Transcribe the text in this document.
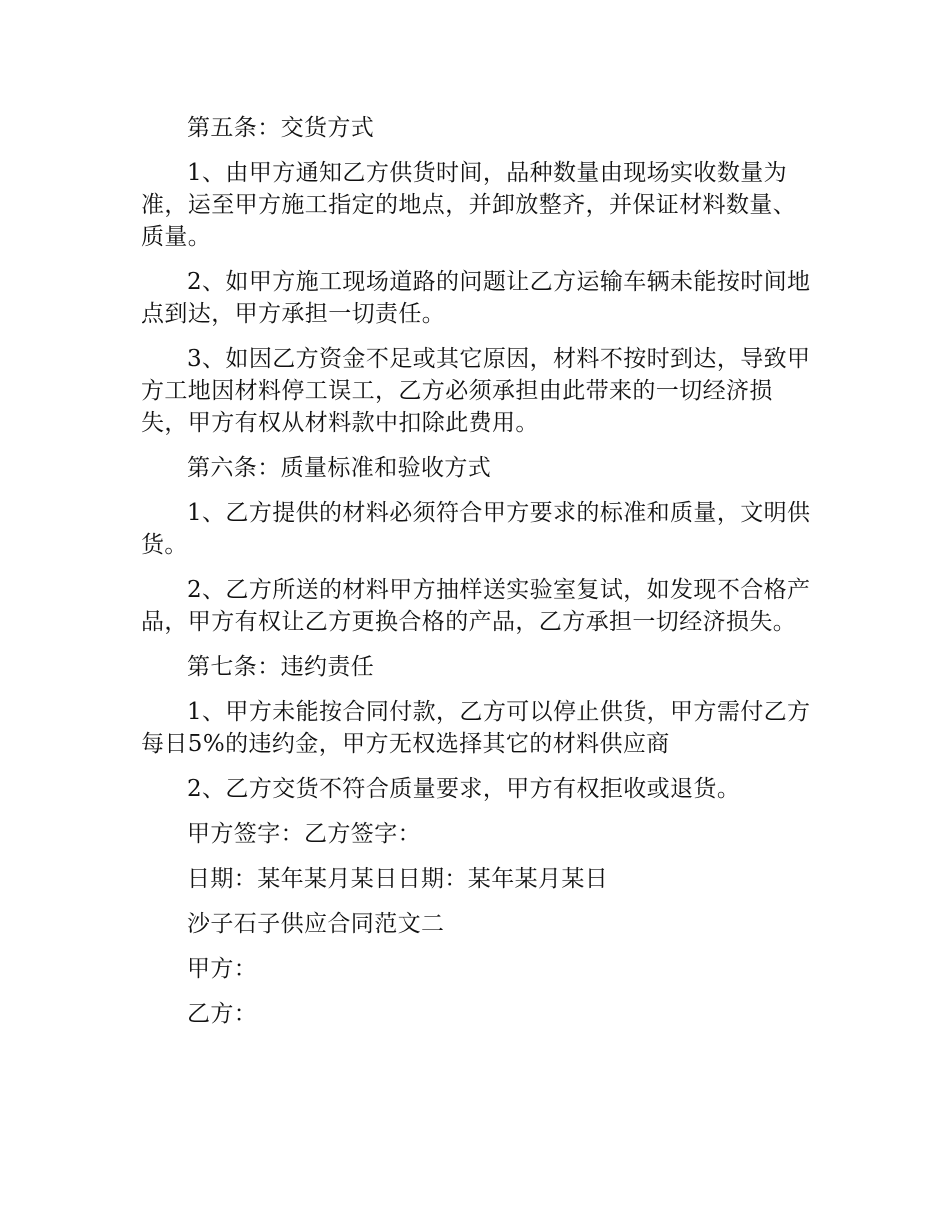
第五条：交货方式

1、由甲方通知乙方供货时间，品种数量由现场实收数量为准，运至甲方施工指定的地点，并卸放整齐，并保证材料数量、质量。

2、如甲方施工现场道路的问题让乙方运输车辆未能按时间地点到达，甲方承担一切责任。

3、如因乙方资金不足或其它原因，材料不按时到达，导致甲方工地因材料停工误工，乙方必须承担由此带来的一切经济损失，甲方有权从材料款中扣除此费用。

第六条：质量标准和验收方式

1、乙方提供的材料必须符合甲方要求的标准和质量，文明供货。

2、乙方所送的材料甲方抽样送实验室复试，如发现不合格产品，甲方有权让乙方更换合格的产品，乙方承担一切经济损失。

第七条：违约责任

1、甲方未能按合同付款，乙方可以停止供货，甲方需付乙方每日5%的违约金，甲方无权选择其它的材料供应商

2、乙方交货不符合质量要求，甲方有权拒收或退货。

甲方签字：乙方签字：

日期：某年某月某日日期：某年某月某日

沙子石子供应合同范文二

甲方：

乙方：
